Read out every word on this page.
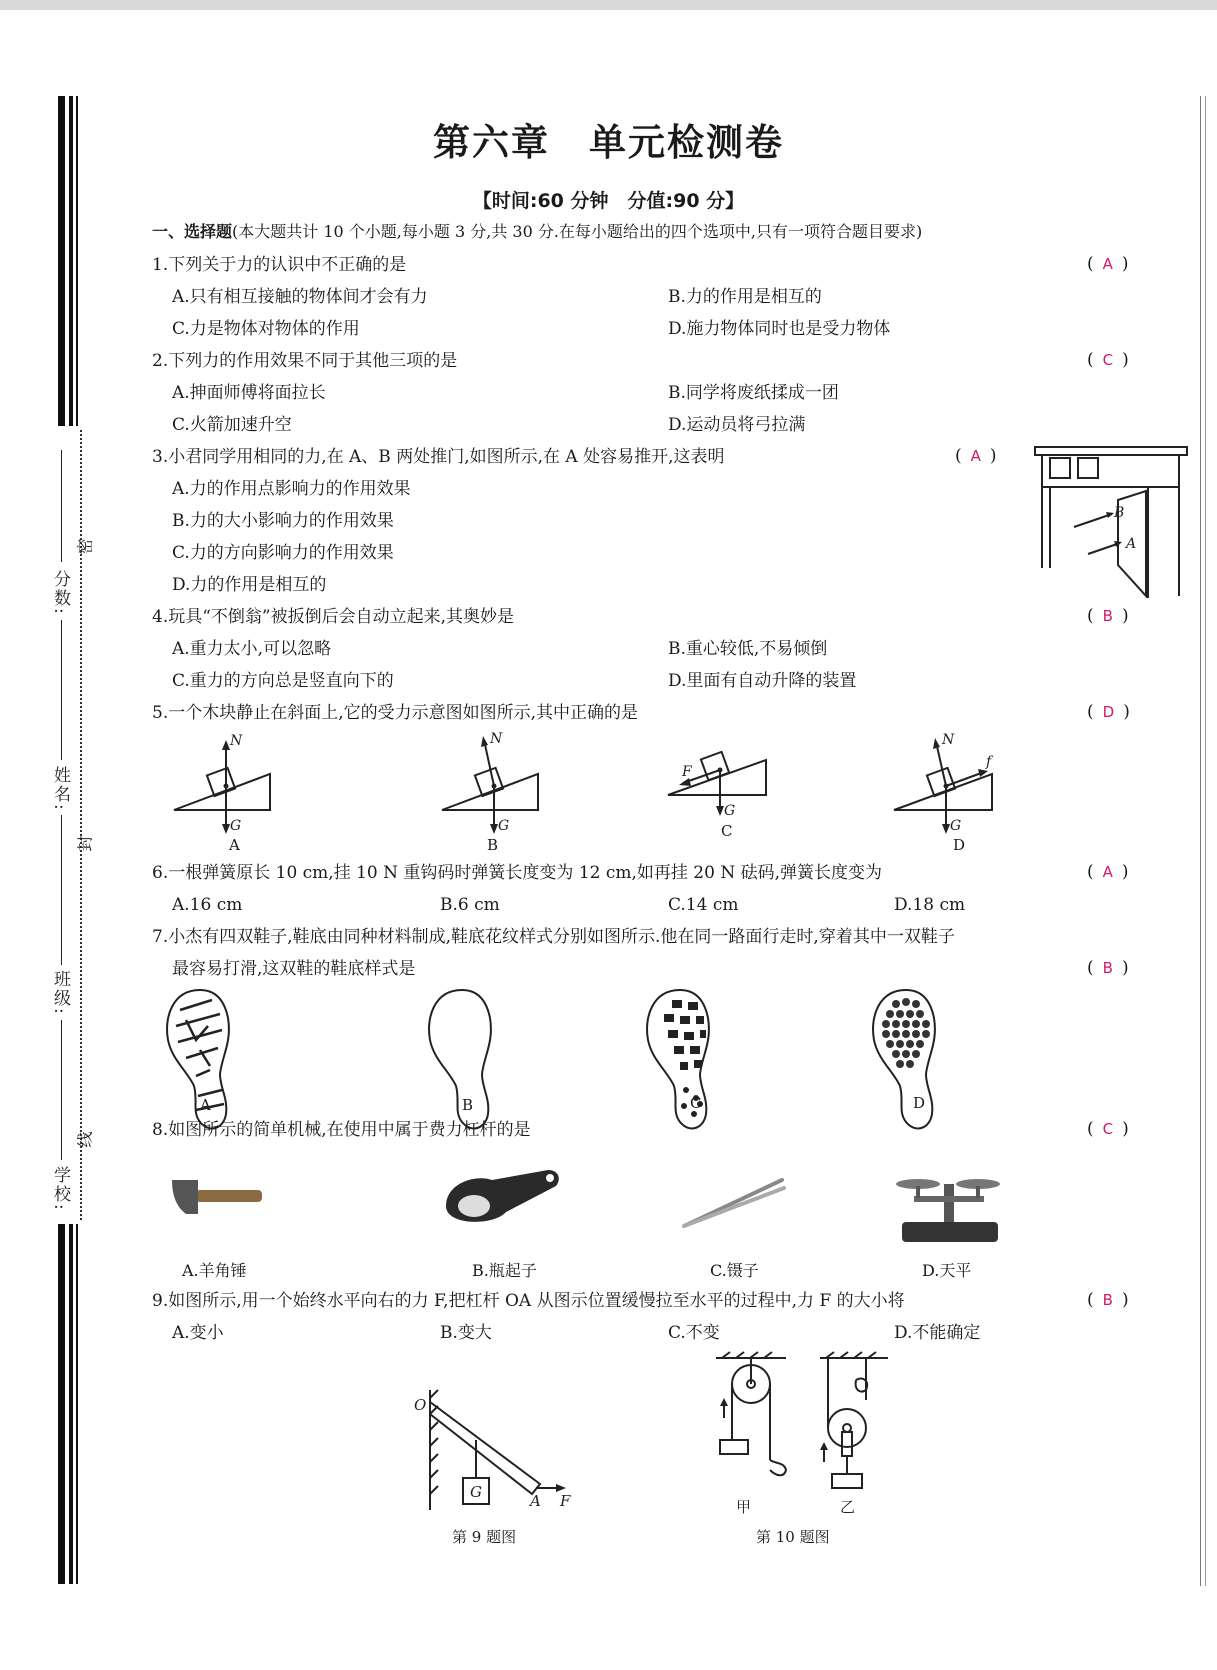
分数:
姓名:
班级:
学校:
密
封
线
第六章　单元检测卷
【时间:60 分钟　分值:90 分】
一、选择题(本大题共计 10 个小题,每小题 3 分,共 30 分.在每小题给出的四个选项中,只有一项符合题目要求)
1.下列关于力的认识中不正确的是	( A )
A.只有相互接触的物体间才会有力	B.力的作用是相互的
C.力是物体对物体的作用	D.施力物体同时也是受力物体
2.下列力的作用效果不同于其他三项的是	( C )
A.抻面师傅将面拉长	B.同学将废纸揉成一团
C.火箭加速升空	D.运动员将弓拉满
3.小君同学用相同的力,在 A、B 两处推门,如图所示,在 A 处容易推开,这表明	( A )
A.力的作用点影响力的作用效果
B.力的大小影响力的作用效果
C.力的方向影响力的作用效果
D.力的作用是相互的
B
A
4.玩具“不倒翁”被扳倒后会自动立起来,其奥妙是	( B )
A.重力太小,可以忽略	B.重心较低,不易倾倒
C.重力的方向总是竖直向下的	D.里面有自动升降的装置
5.一个木块静止在斜面上,它的受力示意图如图所示,其中正确的是	( D )
N
G
N
G
F
G
N
G
f
A	B
C
D
6.一根弹簧原长 10 cm,挂 10 N 重钩码时弹簧长度变为 12 cm,如再挂 20 N 砝码,弹簧长度变为	( A )
A.16 cm	B.6 cm	C.14 cm	D.18 cm
7.小杰有四双鞋子,鞋底由同种材料制成,鞋底花纹样式分别如图所示.他在同一路面行走时,穿着其中一双鞋子
最容易打滑,这双鞋的鞋底样式是	( B )
A	B	C	D
8.如图所示的简单机械,在使用中属于费力杠杆的是	( C )
A.羊角锤	B.瓶起子	C.镊子	D.天平
9.如图所示,用一个始终水平向右的力 F,把杠杆 OA 从图示位置缓慢拉至水平的过程中,力 F 的大小将	( B )
A.变小	B.变大	C.不变	D.不能确定
O
G	A F	甲	乙
第 9 题图	第 10 题图
